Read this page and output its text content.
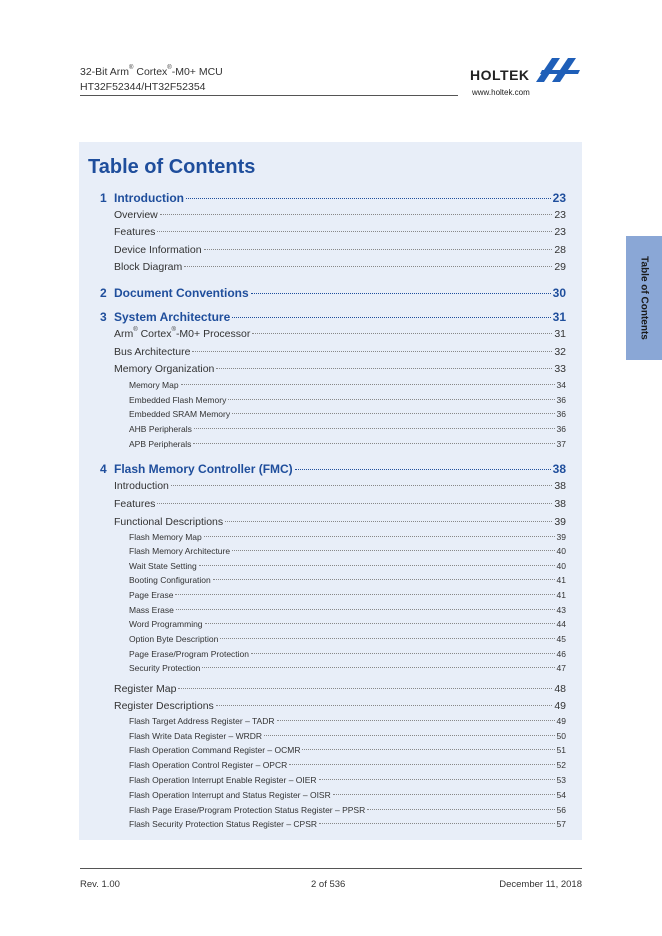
32-Bit Arm® Cortex®-M0+ MCU
HT32F52344/HT32F52354
HOLTEK
www.holtek.com
Table of Contents
1 Introduction	23
Overview	23
Features	23
Device Information	28
Block Diagram	29
2 Document Conventions	30
3 System Architecture	31
Arm® Cortex®-M0+ Processor	31
Bus Architecture	32
Memory Organization	33
Memory Map	34
Embedded Flash Memory	36
Embedded SRAM Memory	36
AHB Peripherals	36
APB Peripherals	37
4 Flash Memory Controller (FMC)	38
Introduction	38
Features	38
Functional Descriptions	39
Flash Memory Map	39
Flash Memory Architecture	40
Wait State Setting	40
Booting Configuration	41
Page Erase	41
Mass Erase	43
Word Programming	44
Option Byte Description	45
Page Erase/Program Protection	46
Security Protection	47
Register Map	48
Register Descriptions	49
Flash Target Address Register – TADR	49
Flash Write Data Register – WRDR	50
Flash Operation Command Register – OCMR	51
Flash Operation Control Register – OPCR	52
Flash Operation Interrupt Enable Register – OIER	53
Flash Operation Interrupt and Status Register – OISR	54
Flash Page Erase/Program Protection Status Register – PPSR	56
Flash Security Protection Status Register – CPSR	57
Table of Contents
Rev. 1.00	2 of 536	December 11, 2018
